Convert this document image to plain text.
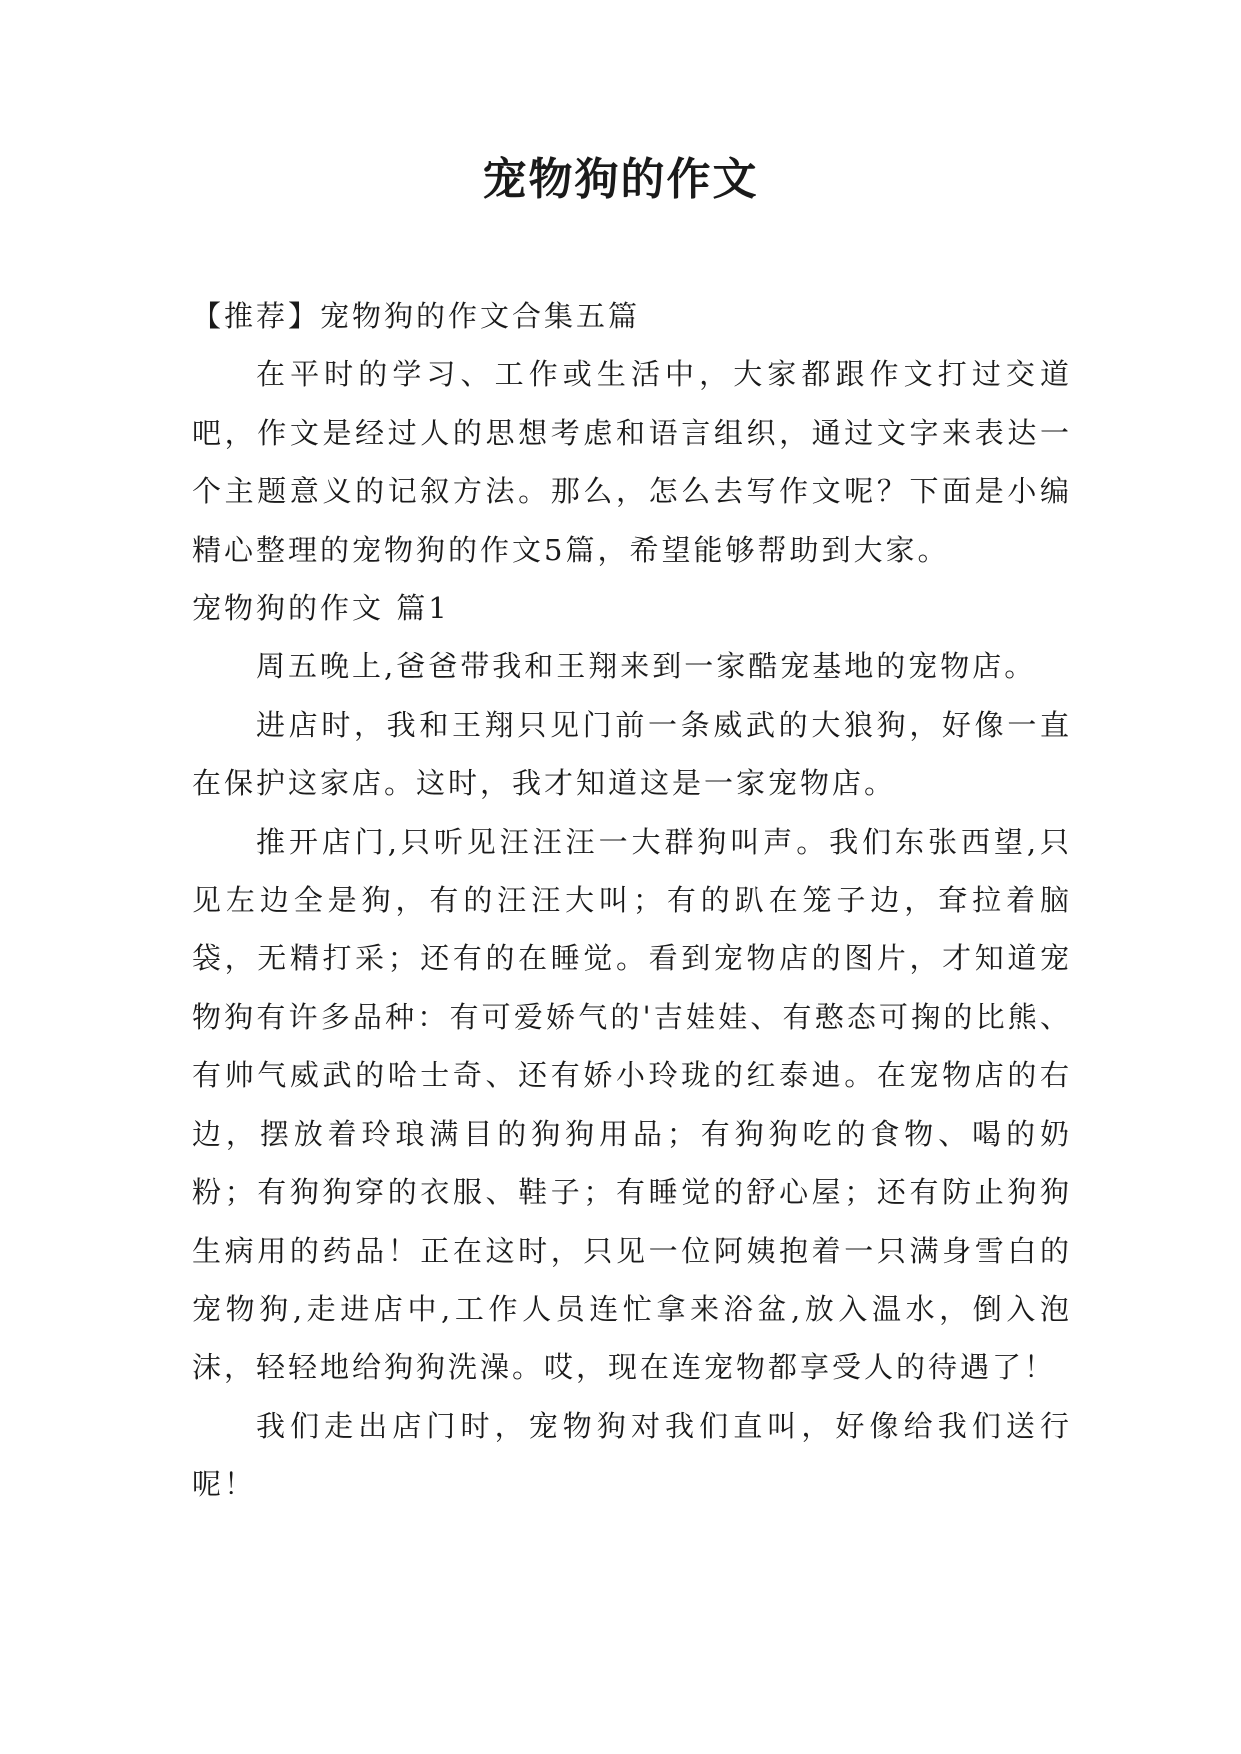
宠物狗的作文

【推荐】宠物狗的作文合集五篇

在平时的学习、工作或生活中，大家都跟作文打过交道吧，作文是经过人的思想考虑和语言组织，通过文字来表达一个主题意义的记叙方法。那么，怎么去写作文呢？下面是小编精心整理的宠物狗的作文5篇，希望能够帮助到大家。

宠物狗的作文 篇1

周五晚上,爸爸带我和王翔来到一家酷宠基地的宠物店。

进店时，我和王翔只见门前一条威武的大狼狗，好像一直在保护这家店。这时，我才知道这是一家宠物店。

推开店门,只听见汪汪汪一大群狗叫声。我们东张西望,只见左边全是狗，有的汪汪大叫；有的趴在笼子边，耷拉着脑袋，无精打采；还有的在睡觉。看到宠物店的图片，才知道宠物狗有许多品种：有可爱娇气的'吉娃娃、有憨态可掬的比熊、有帅气威武的哈士奇、还有娇小玲珑的红泰迪。在宠物店的右边，摆放着玲琅满目的狗狗用品；有狗狗吃的食物、喝的奶粉；有狗狗穿的衣服、鞋子；有睡觉的舒心屋；还有防止狗狗生病用的药品！正在这时，只见一位阿姨抱着一只满身雪白的宠物狗,走进店中,工作人员连忙拿来浴盆,放入温水，倒入泡沫，轻轻地给狗狗洗澡。哎，现在连宠物都享受人的待遇了！

我们走出店门时，宠物狗对我们直叫，好像给我们送行呢！
